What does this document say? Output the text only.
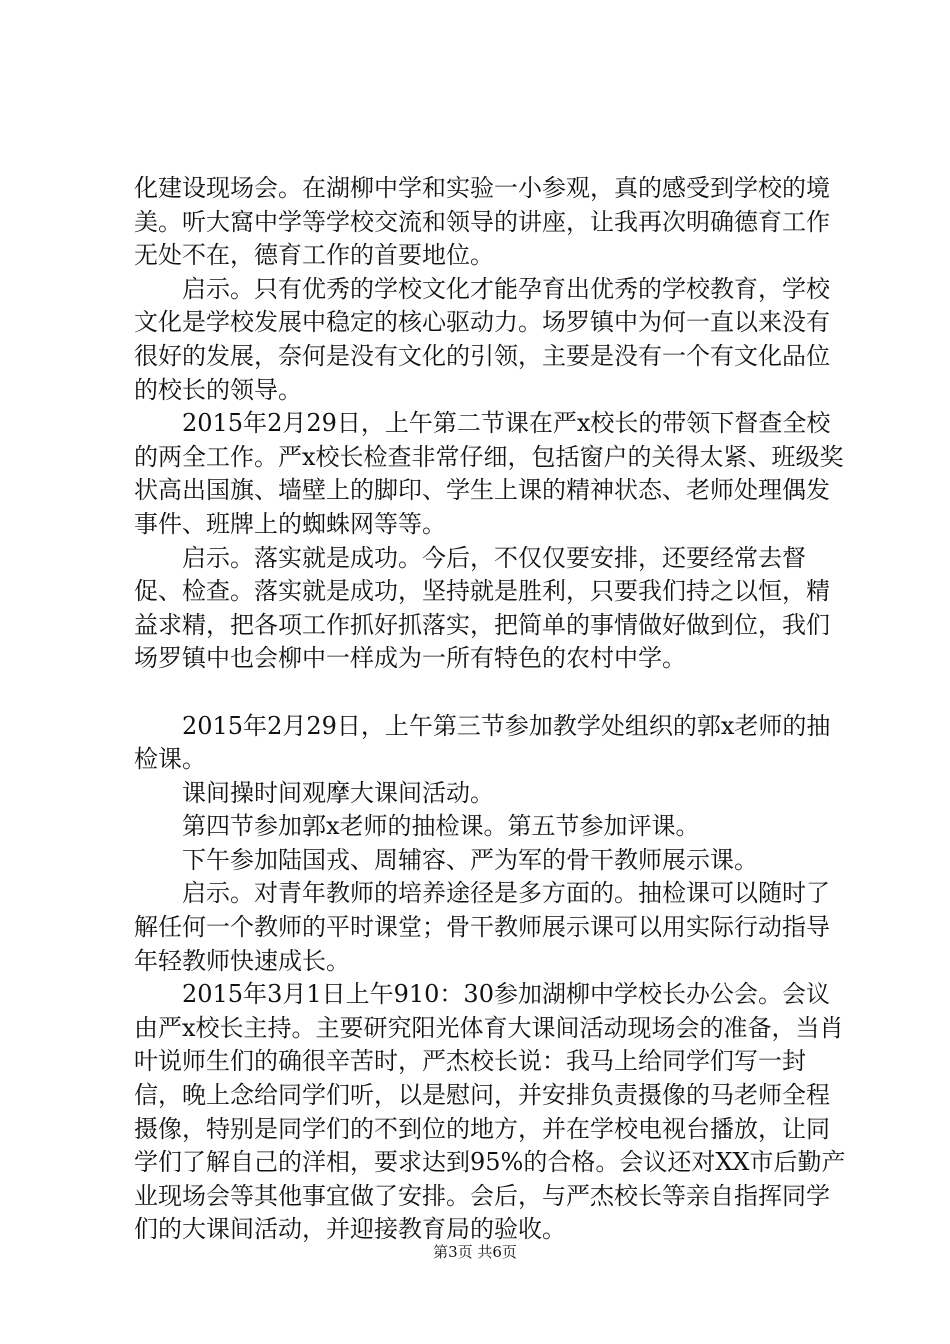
化建设现场会。在湖柳中学和实验一小参观，真的感受到学校的境美。听大窩中学等学校交流和领导的讲座，让我再次明确德育工作无处不在，德育工作的首要地位。

启示。只有优秀的学校文化才能孕育出优秀的学校教育，学校文化是学校发展中稳定的核心驱动力。场罗镇中为何一直以来没有很好的发展，奈何是没有文化的引领，主要是没有一个有文化品位的校长的领导。

2015年2月29日，上午第二节课在严x校长的带领下督查全校的两全工作。严x校长检查非常仔细，包括窗户的关得太紧、班级奖状高出国旗、墙壁上的脚印、学生上课的精神状态、老师处理偶发事件、班牌上的蜘蛛网等等。

启示。落实就是成功。今后，不仅仅要安排，还要经常去督促、检查。落实就是成功，坚持就是胜利，只要我们持之以恒，精益求精，把各项工作抓好抓落实，把简单的事情做好做到位，我们场罗镇中也会柳中一样成为一所有特色的农村中学。

2015年2月29日，上午第三节参加教学处组织的郭x老师的抽检课。

课间操时间观摩大课间活动。

第四节参加郭x老师的抽检课。第五节参加评课。

下午参加陆国戎、周辅容、严为军的骨干教师展示课。

启示。对青年教师的培养途径是多方面的。抽检课可以随时了解任何一个教师的平时课堂；骨干教师展示课可以用实际行动指导年轻教师快速成长。

2015年3月1日上午910：30参加湖柳中学校长办公会。会议由严x校长主持。主要研究阳光体育大课间活动现场会的准备，当肖叶说师生们的确很辛苦时，严杰校长说：我马上给同学们写一封信，晚上念给同学们听，以是慰问，并安排负责摄像的马老师全程摄像，特别是同学们的不到位的地方，并在学校电视台播放，让同学们了解自己的洋相，要求达到95%的合格。会议还对XX市后勤产业现场会等其他事宜做了安排。会后，与严杰校长等亲自指挥同学们的大课间活动，并迎接教育局的验收。

第3页 共6页
